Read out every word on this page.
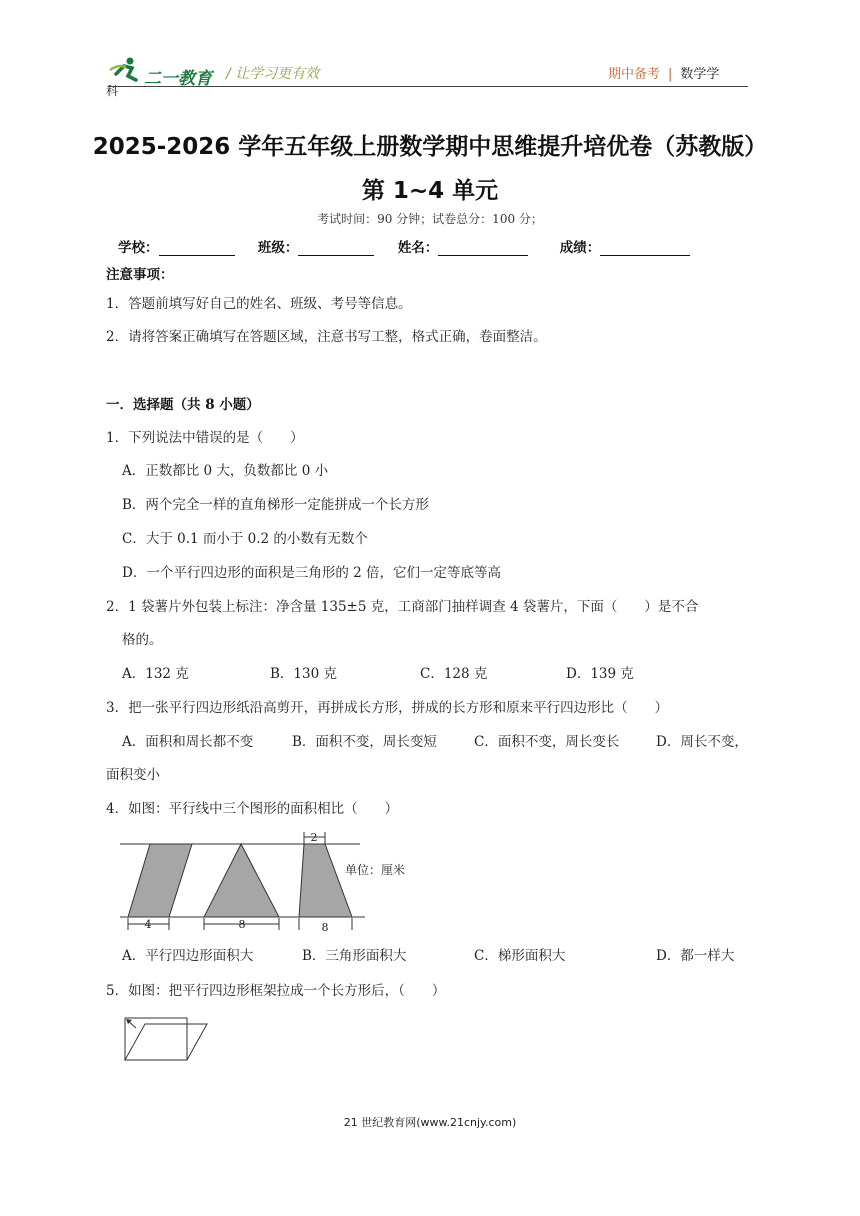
二一教育
科
/ 让学习更有效	期中备考 | 数学学
2025-2026 学年五年级上册数学期中思维提升培优卷（苏教版）
第 1~4 单元
考试时间：90 分钟；试卷总分：100 分；
学校：	班级：	姓名：	成绩：
注意事项：
1．答题前填写好自己的姓名、班级、考号等信息。
2．请将答案正确填写在答题区域，注意书写工整，格式正确，卷面整洁。
一．选择题（共 8 小题）
1．下列说法中错误的是（　　）
A．正数都比 0 大，负数都比 0 小
B．两个完全一样的直角梯形一定能拼成一个长方形
C．大于 0.1 而小于 0.2 的小数有无数个
D．一个平行四边形的面积是三角形的 2 倍，它们一定等底等高
2．1 袋薯片外包装上标注：净含量 135±5 克，工商部门抽样调查 4 袋薯片，下面（　　）是不合
格的。
A．132 克	B．130 克	C．128 克	D．139 克
3．把一张平行四边形纸沿高剪开，再拼成长方形，拼成的长方形和原来平行四边形比（　　）
A．面积和周长都不变	B．面积不变，周长变短	C．面积不变，周长变长	D．周长不变，
面积变小
4．如图：平行线中三个图形的面积相比（　　）
2
4	8	8
单位：厘米
A．平行四边形面积大	B．三角形面积大	C．梯形面积大	D．都一样大
5．如图：把平行四边形框架拉成一个长方形后，（　　）
21 世纪教育网(www.21cnjy.com)
